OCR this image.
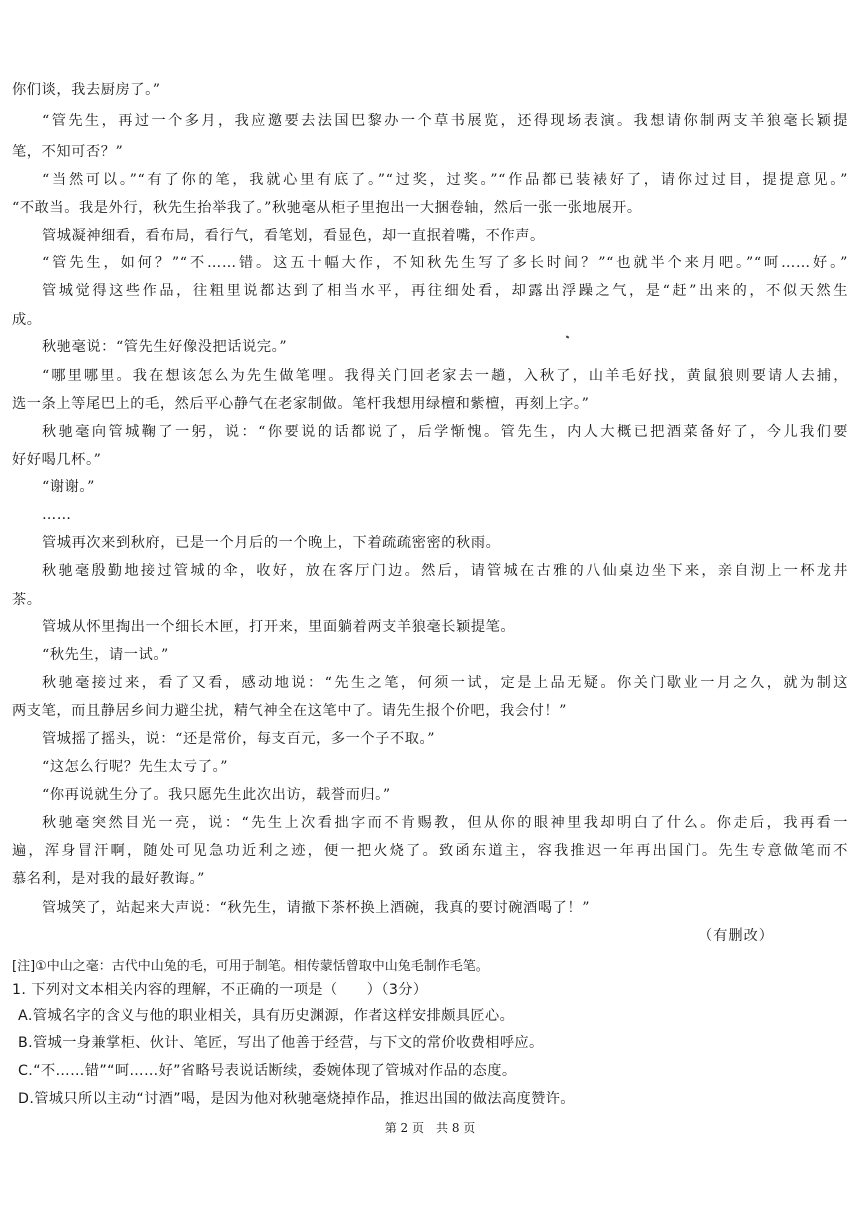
你们谈，我去厨房了。”
“管先生，再过一个多月，我应邀要去法国巴黎办一个草书展览，还得现场表演。我想请你制两支羊狼毫长颖提
笔，不知可否？”
“当然可以。”“有了你的笔，我就心里有底了。”“过奖，过奖。”“作品都已装裱好了，请你过过目，提提意见。”
“不敢当。我是外行，秋先生抬举我了。”秋驰毫从柜子里抱出一大捆卷轴，然后一张一张地展开。
管城凝神细看，看布局，看行气，看笔划，看显色，却一直抿着嘴，不作声。
“管先生，如何？”“不……错。这五十幅大作，不知秋先生写了多长时间？”“也就半个来月吧。”“呵……好。”
管城觉得这些作品，往粗里说都达到了相当水平，再往细处看，却露出浮躁之气，是“赶”出来的，不似天然生
成。
秋驰毫说：“管先生好像没把话说完。”
“哪里哪里。我在想该怎么为先生做笔哩。我得关门回老家去一趟，入秋了，山羊毛好找，黄鼠狼则要请人去捕，
选一条上等尾巴上的毛，然后平心静气在老家制做。笔杆我想用绿檀和紫檀，再刻上字。”
秋驰毫向管城鞠了一躬，说：“你要说的话都说了，后学惭愧。管先生，内人大概已把酒菜备好了，今儿我们要
好好喝几杯。”
“谢谢。”
……
管城再次来到秋府，已是一个月后的一个晚上，下着疏疏密密的秋雨。
秋驰毫殷勤地接过管城的伞，收好，放在客厅门边。然后，请管城在古雅的八仙桌边坐下来，亲自沏上一杯龙井
茶。
管城从怀里掏出一个细长木匣，打开来，里面躺着两支羊狼毫长颖提笔。
“秋先生，请一试。”
秋驰毫接过来，看了又看，感动地说：“先生之笔，何须一试，定是上品无疑。你关门歇业一月之久，就为制这
两支笔，而且静居乡间力避尘扰，精气神全在这笔中了。请先生报个价吧，我会付！”
管城摇了摇头，说：“还是常价，每支百元，多一个子不取。”
“这怎么行呢？先生太亏了。”
“你再说就生分了。我只愿先生此次出访，载誉而归。”
秋驰毫突然目光一亮，说：“先生上次看拙字而不肯赐教，但从你的眼神里我却明白了什么。你走后，我再看一
遍，浑身冒汗啊，随处可见急功近利之迹，便一把火烧了。致函东道主，容我推迟一年再出国门。先生专意做笔而不
慕名利，是对我的最好教诲。”
管城笑了，站起来大声说：“秋先生，请撤下茶杯换上酒碗，我真的要讨碗酒喝了！”
（有删改）
[注]①中山之毫：古代中山兔的毛，可用于制笔。相传蒙恬曾取中山兔毛制作毛笔。
1. 下列对文本相关内容的理解，不正确的一项是（　　）（3分）
A.管城名字的含义与他的职业相关，具有历史渊源，作者这样安排颇具匠心。
B.管城一身兼掌柜、伙计、笔匠，写出了他善于经营，与下文的常价收费相呼应。
C.“不……错”“呵……好”省略号表说话断续，委婉体现了管城对作品的态度。
D.管城只所以主动“讨酒”喝，是因为他对秋驰毫烧掉作品，推迟出国的做法高度赞许。
第 2 页　共 8 页
